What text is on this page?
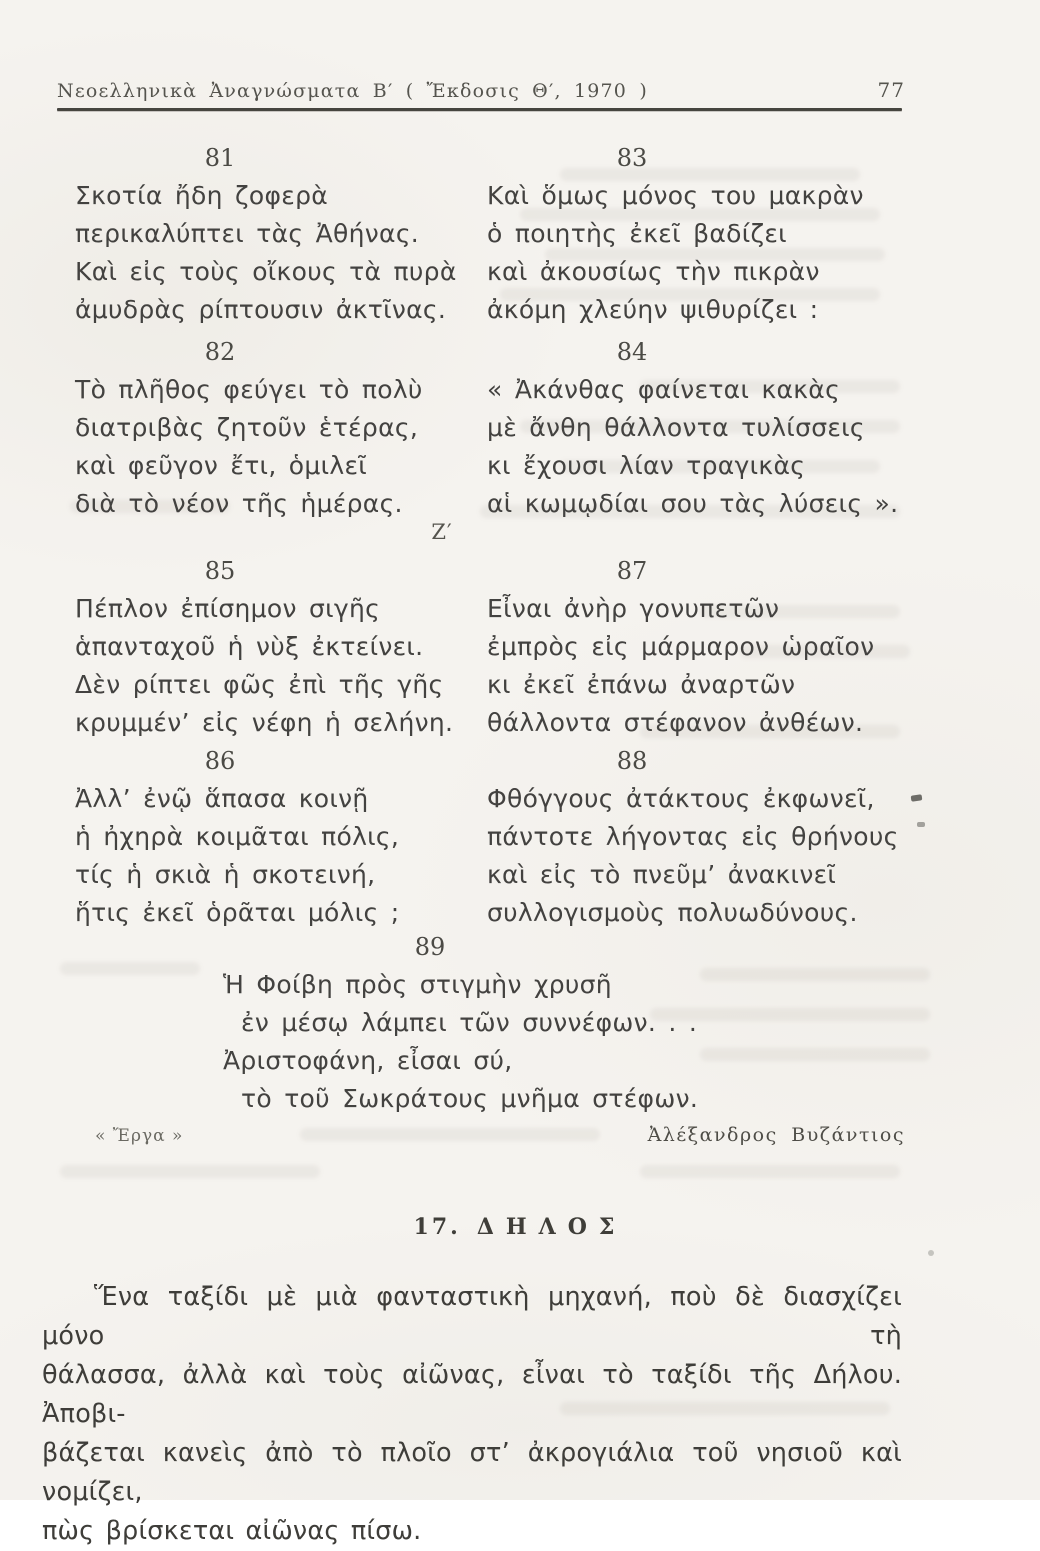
Νεοελληνικὰ Ἀναγνώσματα Β′ ( Ἔκδοσις Θ′, 1970 )	77
Ζ′
81
Σκοτία ἤδη ζοφερὰ
περικαλύπτει τὰς Ἀθήνας.
Καὶ εἰς τοὺς οἴκους τὰ πυρὰ
ἀμυδρὰς ρίπτουσιν ἀκτῖνας.
83
Καὶ ὅμως μόνος του μακρὰν
ὁ ποιητὴς ἐκεῖ βαδίζει
καὶ ἀκουσίως τὴν πικρὰν
ἀκόμη χλεύην ψιθυρίζει :
82
Τὸ πλῆθος φεύγει τὸ πολὺ
διατριβὰς ζητοῦν ἑτέρας,
καὶ φεῦγον ἔτι, ὁμιλεῖ
διὰ τὸ νέον τῆς ἡμέρας.
84
« Ἀκάνθας φαίνεται κακὰς
μὲ ἄνθη θάλλοντα τυλίσσεις
κι ἔχουσι λίαν τραγικὰς
αἱ κωμῳδίαι σου τὰς λύσεις ».
85
Πέπλον ἐπίσημον σιγῆς
ἁπανταχοῦ ἡ νὺξ ἐκτείνει.
Δὲν ρίπτει φῶς ἐπὶ τῆς γῆς
κρυμμέν’ εἰς νέφη ἡ σελήνη.
87
Εἶναι ἀνὴρ γονυπετῶν
ἐμπρὸς εἰς μάρμαρον ὡραῖον
κι ἐκεῖ ἐπάνω ἀναρτῶν
θάλλοντα στέφανον ἀνθέων.
86
Ἀλλ’ ἐνῷ ἅπασα κοινῇ
ἡ ἠχηρὰ κοιμᾶται πόλις,
τίς ἡ σκιὰ ἡ σκοτεινή,
ἥτις ἐκεῖ ὁρᾶται μόλις ;
88
Φθόγγους ἀτάκτους ἐκφωνεῖ,
πάντοτε λήγοντας εἰς θρήνους
καὶ εἰς τὸ πνεῦμ’ ἀνακινεῖ
συλλογισμοὺς πολυωδύνους.
89
Ἡ Φοίβη πρὸς στιγμὴν χρυσῆ
ἐν μέσῳ λάμπει τῶν συννέφων. . .
Ἀριστοφάνη, εἶσαι σύ,
τὸ τοῦ Σωκράτους μνῆμα στέφων.
« Ἔργα »	Ἀλέξανδρος Βυζάντιος
17. ΔΗΛΟΣ
Ἕνα ταξίδι μὲ μιὰ φανταστικὴ μηχανή, ποὺ δὲ διασχίζει μόνο τὴ
θάλασσα, ἀλλὰ καὶ τοὺς αἰῶνας, εἶναι τὸ ταξίδι τῆς Δήλου. Ἀποβι-
βάζεται κανεὶς ἀπὸ τὸ πλοῖο στ’ ἀκρογιάλια τοῦ νησιοῦ καὶ νομίζει,
πὼς βρίσκεται αἰῶνας πίσω.
